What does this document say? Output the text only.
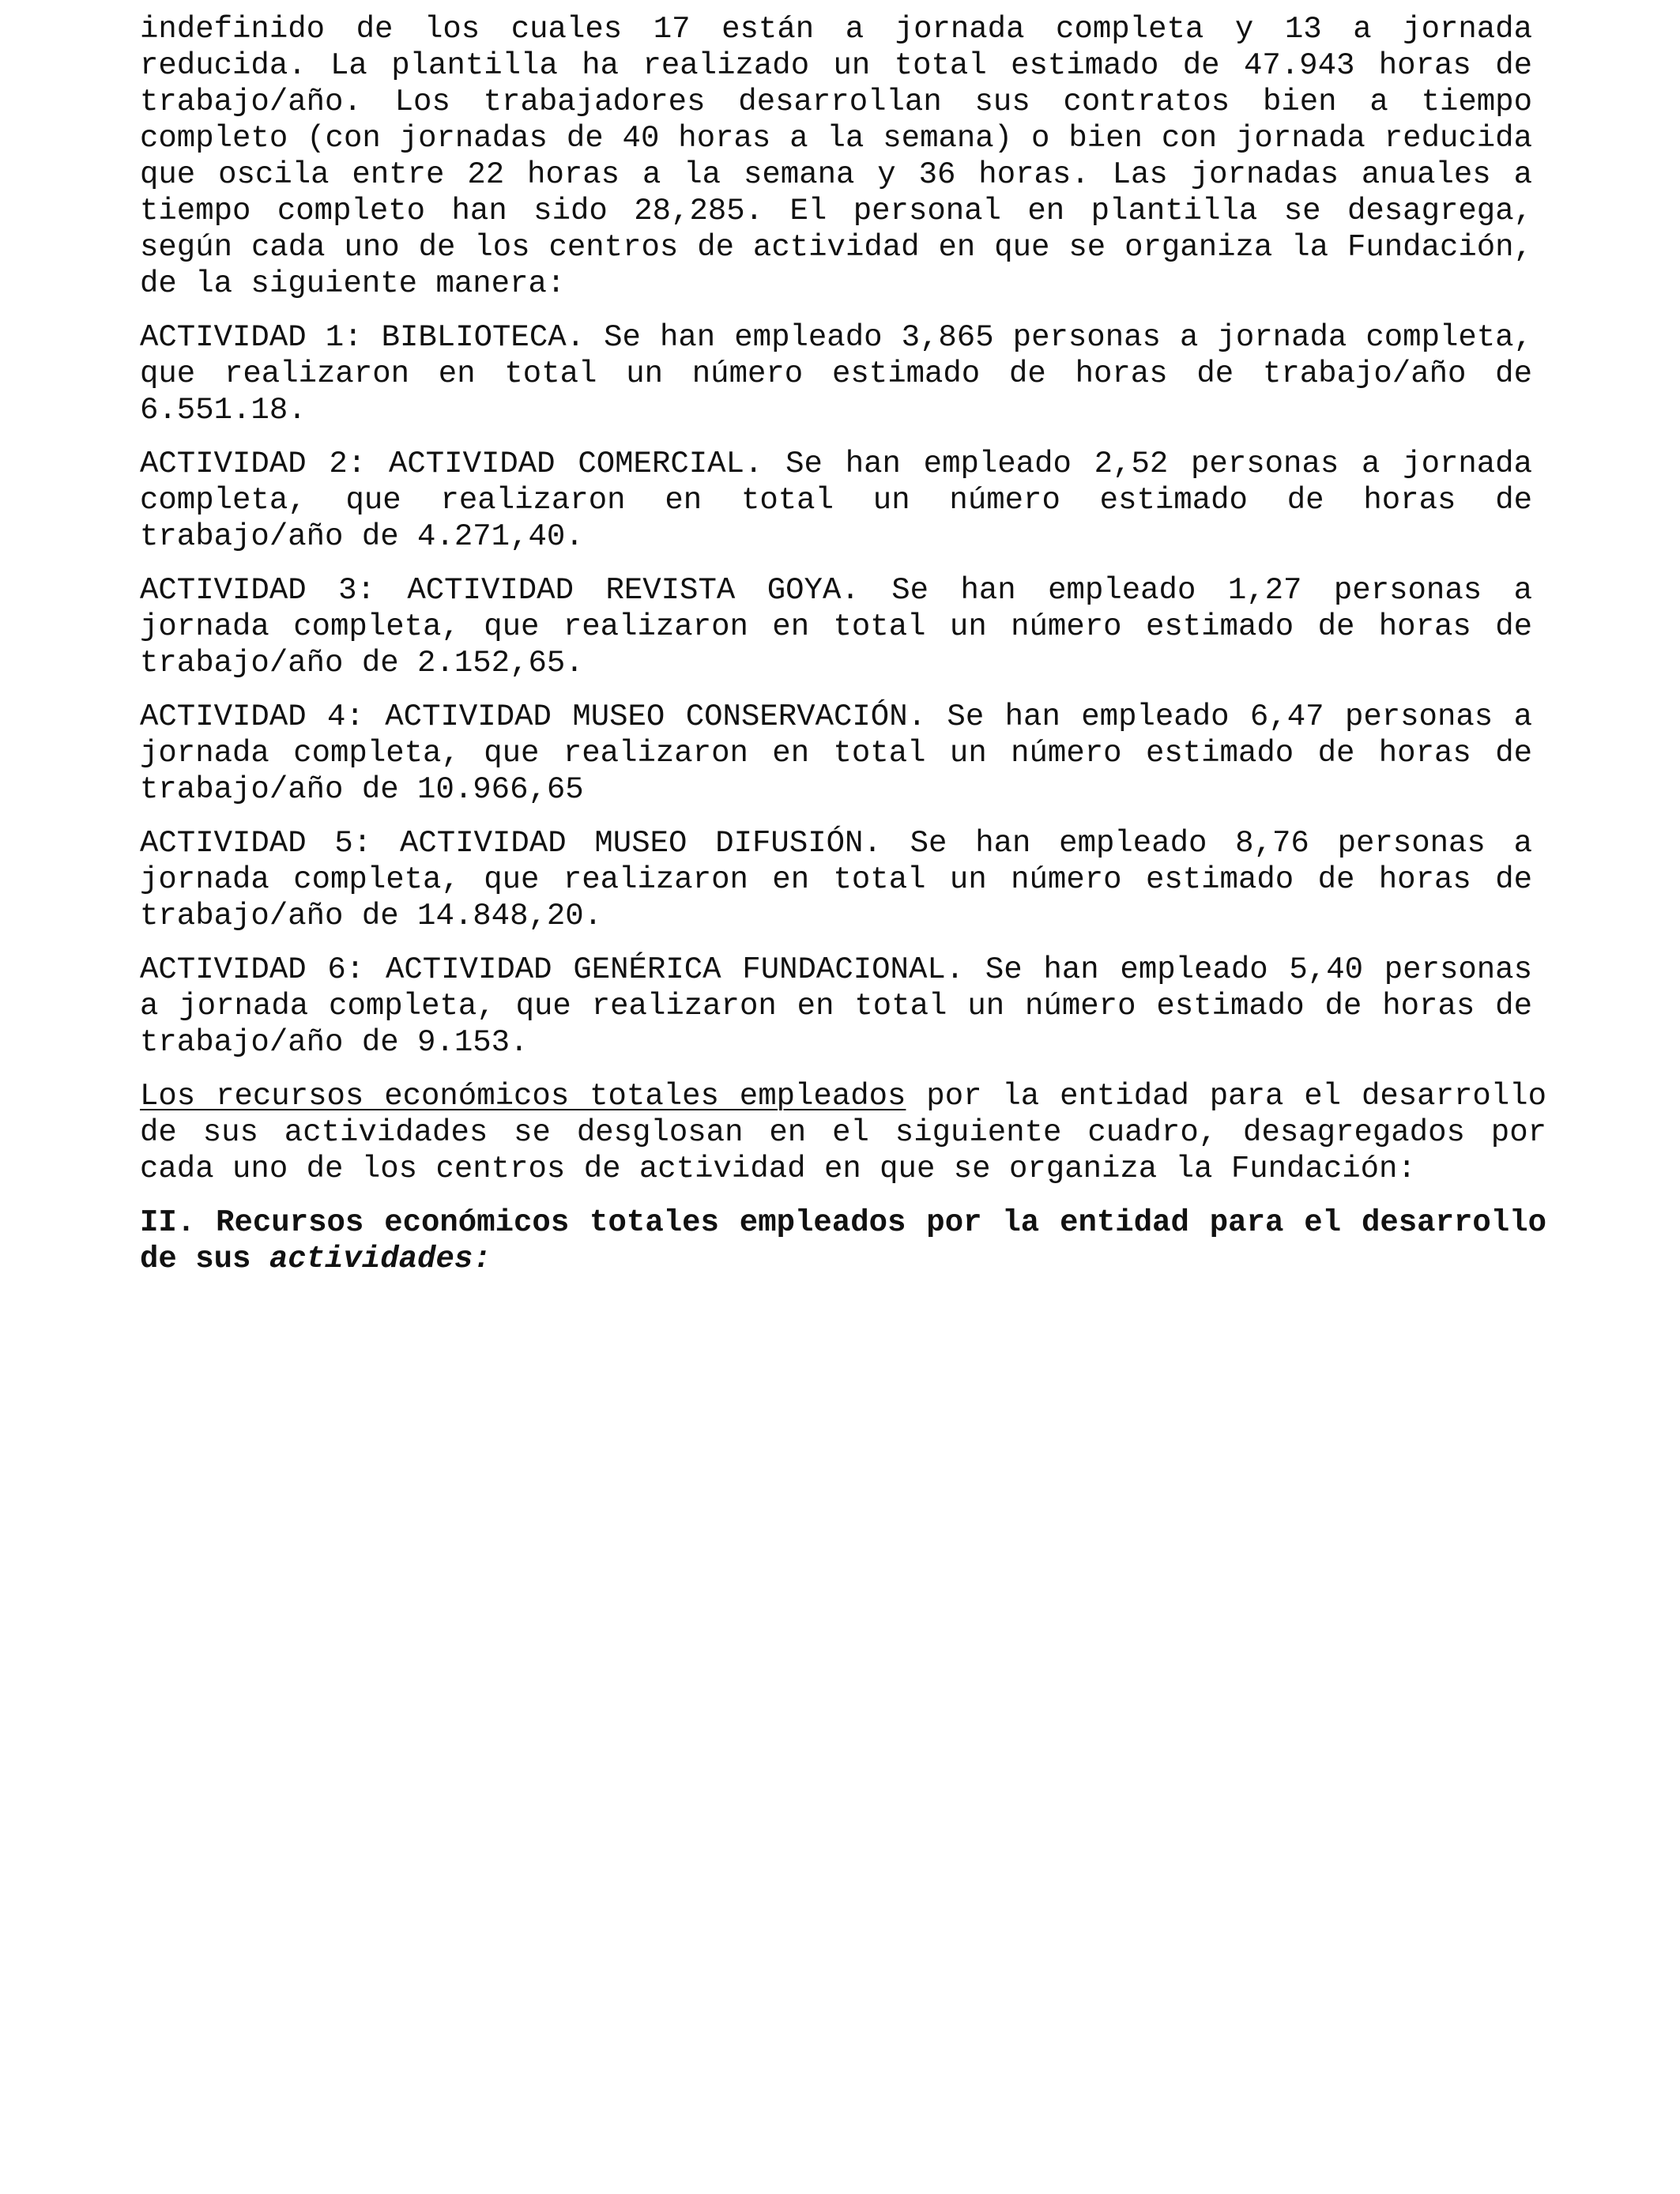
indefinido de los cuales 17 están a jornada completa y 13 a jornada reducida. La plantilla ha realizado un total estimado de 47.943 horas de trabajo/año. Los trabajadores desarrollan sus contratos bien a tiempo completo (con jornadas de 40 horas a la semana) o bien con jornada reducida que oscila entre 22 horas a la semana y 36 horas. Las jornadas anuales a tiempo completo han sido 28,285. El personal en plantilla se desagrega, según cada uno de los centros de actividad en que se organiza la Fundación, de la siguiente manera:

ACTIVIDAD 1: BIBLIOTECA. Se han empleado 3,865 personas a jornada completa, que realizaron en total un número estimado de horas de trabajo/año de 6.551.18.

ACTIVIDAD 2: ACTIVIDAD COMERCIAL. Se han empleado 2,52 personas a jornada completa, que realizaron en total un número estimado de horas de trabajo/año de 4.271,40.

ACTIVIDAD 3: ACTIVIDAD REVISTA GOYA. Se han empleado 1,27 personas a jornada completa, que realizaron en total un número estimado de horas de trabajo/año de 2.152,65.

ACTIVIDAD 4: ACTIVIDAD MUSEO CONSERVACIÓN. Se han empleado 6,47 personas a jornada completa, que realizaron en total un número estimado de horas de trabajo/año de 10.966,65

ACTIVIDAD 5: ACTIVIDAD MUSEO DIFUSIÓN. Se han empleado 8,76 personas a jornada completa, que realizaron en total un número estimado de horas de trabajo/año de 14.848,20.

ACTIVIDAD 6: ACTIVIDAD GENÉRICA FUNDACIONAL. Se han empleado 5,40 personas a jornada completa, que realizaron en total un número estimado de horas de trabajo/año de 9.153.

Los recursos económicos totales empleados por la entidad para el desarrollo de sus actividades se desglosan en el siguiente cuadro, desagregados por cada uno de los centros de actividad en que se organiza la Fundación:

II. Recursos económicos totales empleados por la entidad para el desarrollo de sus actividades:
